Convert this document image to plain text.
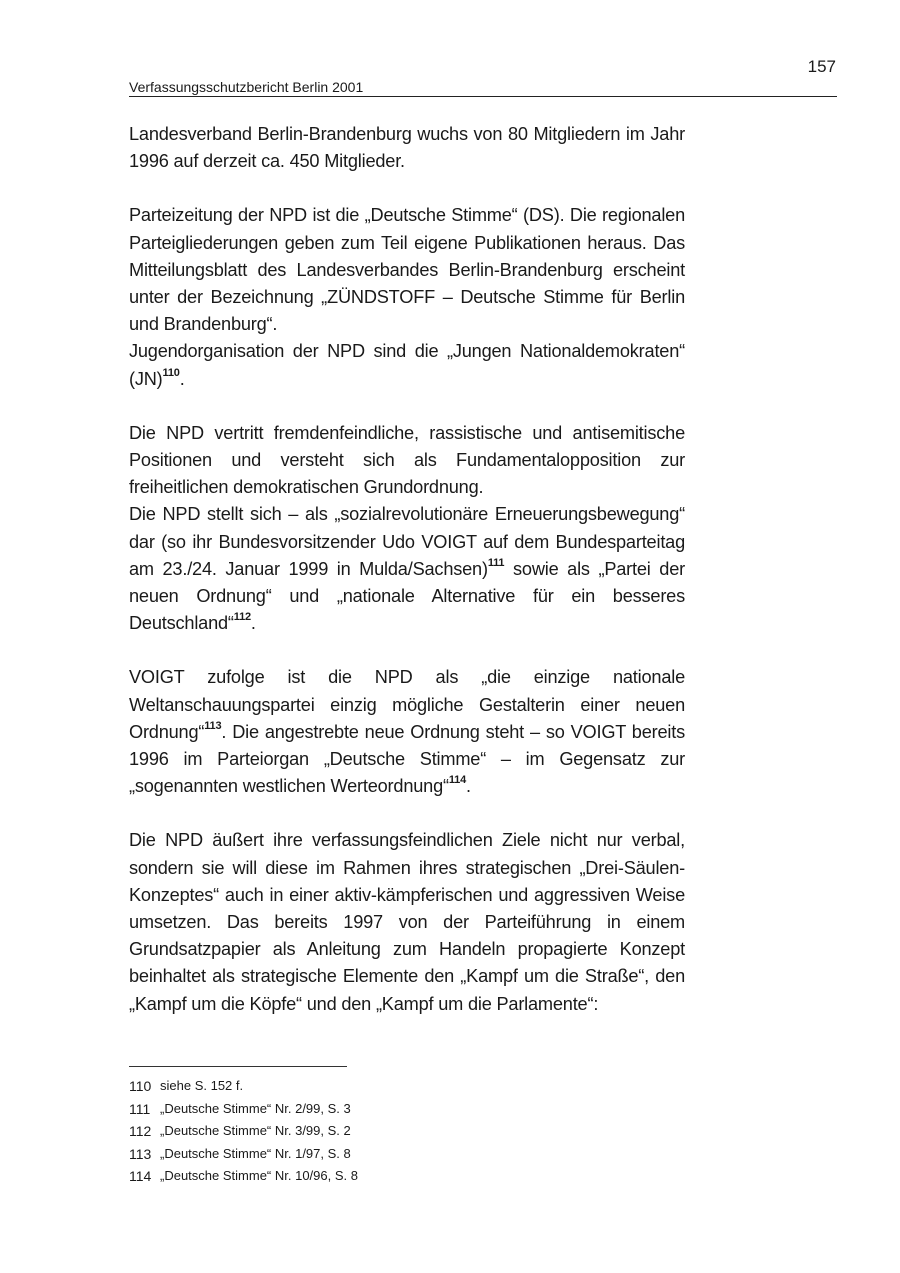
157
Verfassungsschutzbericht Berlin 2001

Landesverband Berlin-Brandenburg wuchs von 80 Mitgliedern im Jahr 1996 auf derzeit ca. 450 Mitglieder.

Parteizeitung der NPD ist die „Deutsche Stimme“ (DS). Die regionalen Parteigliederungen geben zum Teil eigene Publikationen heraus. Das Mitteilungsblatt des Landesverbandes Berlin-Brandenburg erscheint unter der Bezeichnung „ZÜNDSTOFF – Deutsche Stimme für Berlin und Brandenburg“.

Jugendorganisation der NPD sind die „Jungen Nationaldemokraten“ (JN)$^{110}$.

Die NPD vertritt fremdenfeindliche, rassistische und antisemitische Positionen und versteht sich als Fundamentalopposition zur freiheitlichen demokratischen Grundordnung.

Die NPD stellt sich – als „sozialrevolutionäre Erneuerungsbewegung“ dar (so ihr Bundesvorsitzender Udo VOIGT auf dem Bundesparteitag am 23./24. Januar 1999 in Mulda/Sachsen)$^{111}$ sowie als „Partei der neuen Ordnung“ und „nationale Alternative für ein besseres Deutschland“$^{112}$.

VOIGT zufolge ist die NPD als „die einzige nationale Weltanschauungspartei einzig mögliche Gestalterin einer neuen Ordnung“$^{113}$. Die angestrebte neue Ordnung steht – so VOIGT bereits 1996 im Parteiorgan „Deutsche Stimme“ – im Gegensatz zur „sogenannten westlichen Werteordnung“$^{114}$.

Die NPD äußert ihre verfassungsfeindlichen Ziele nicht nur verbal, sondern sie will diese im Rahmen ihres strategischen „Drei-Säulen-Konzeptes“ auch in einer aktiv-kämpferischen und aggressiven Weise umsetzen. Das bereits 1997 von der Parteiführung in einem Grundsatzpapier als Anleitung zum Handeln propagierte Konzept beinhaltet als strategische Elemente den „Kampf um die Straße“, den „Kampf um die Köpfe“ und den „Kampf um die Parlamente“:

110 siehe S. 152 f.
111 „Deutsche Stimme“ Nr. 2/99, S. 3
112 „Deutsche Stimme“ Nr. 3/99, S. 2
113 „Deutsche Stimme“ Nr. 1/97, S. 8
114 „Deutsche Stimme“ Nr. 10/96, S. 8
